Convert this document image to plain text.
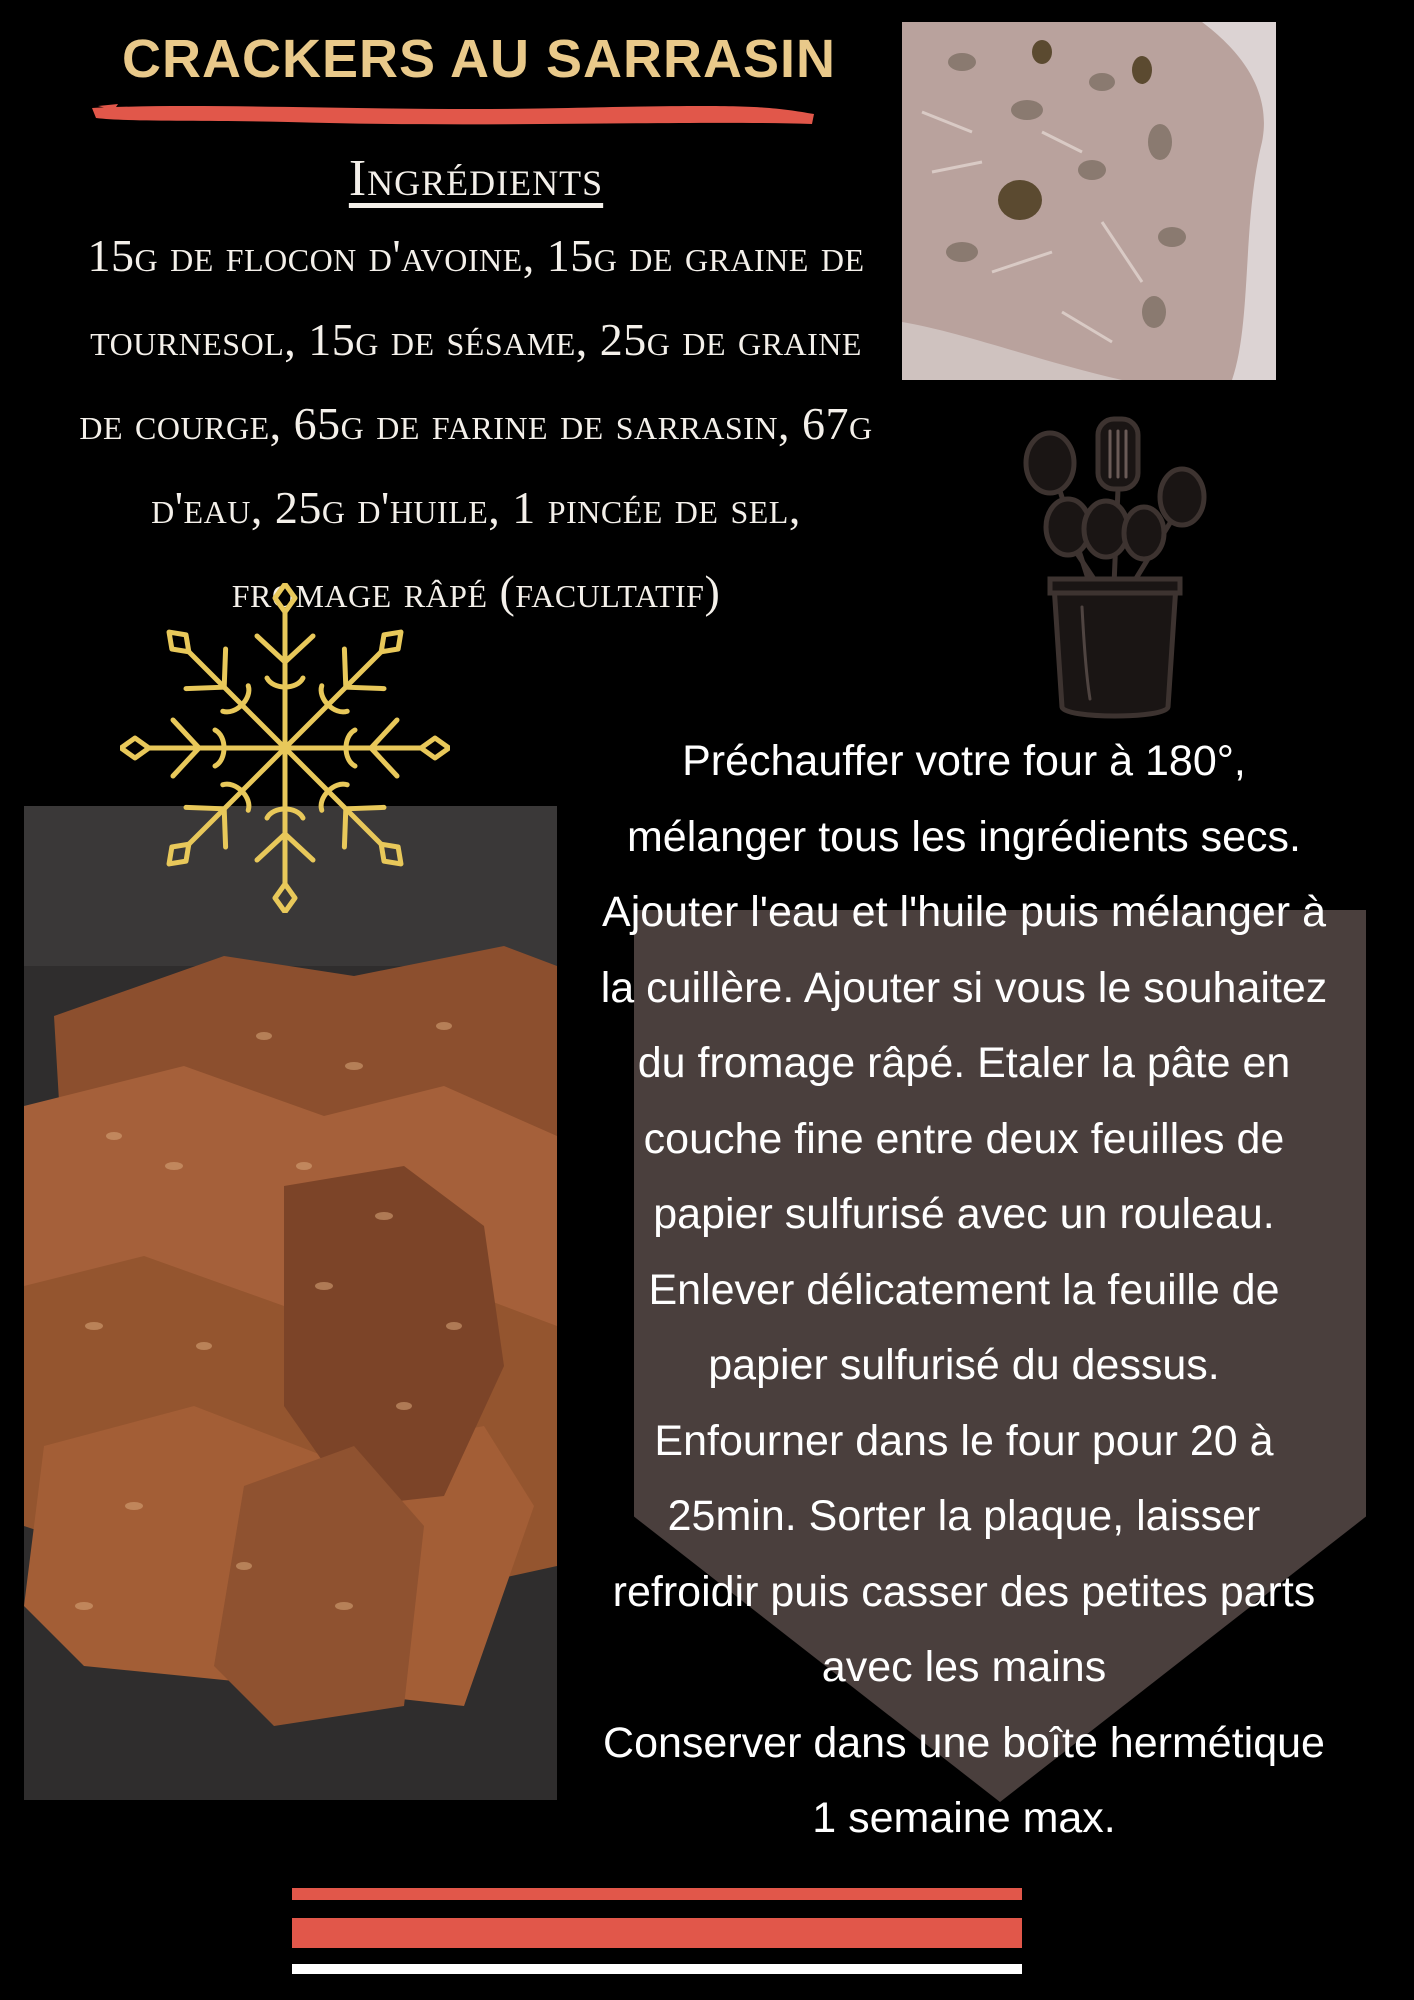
CRACKERS AU SARRASIN
Ingrédients
15g de flocon d'avoine, 15g de graine de tournesol, 15g de sésame, 25g de graine de courge, 65g de farine de sarrasin, 67g d'eau, 25g d'huile, 1 pincée de sel, fromage râpé (facultatif)

Préchauffer votre four à 180°, mélanger tous les ingrédients secs. Ajouter l'eau et l'huile puis mélanger à la cuillère. Ajouter si vous le souhaitez du fromage râpé. Etaler la pâte en couche fine entre deux feuilles de papier sulfurisé avec un rouleau. Enlever délicatement la feuille de papier sulfurisé du dessus.

Enfourner dans le four pour 20 à 25min. Sorter la plaque, laisser refroidir puis casser des petites parts avec les mains

Conserver dans une boîte hermétique 1 semaine max.
